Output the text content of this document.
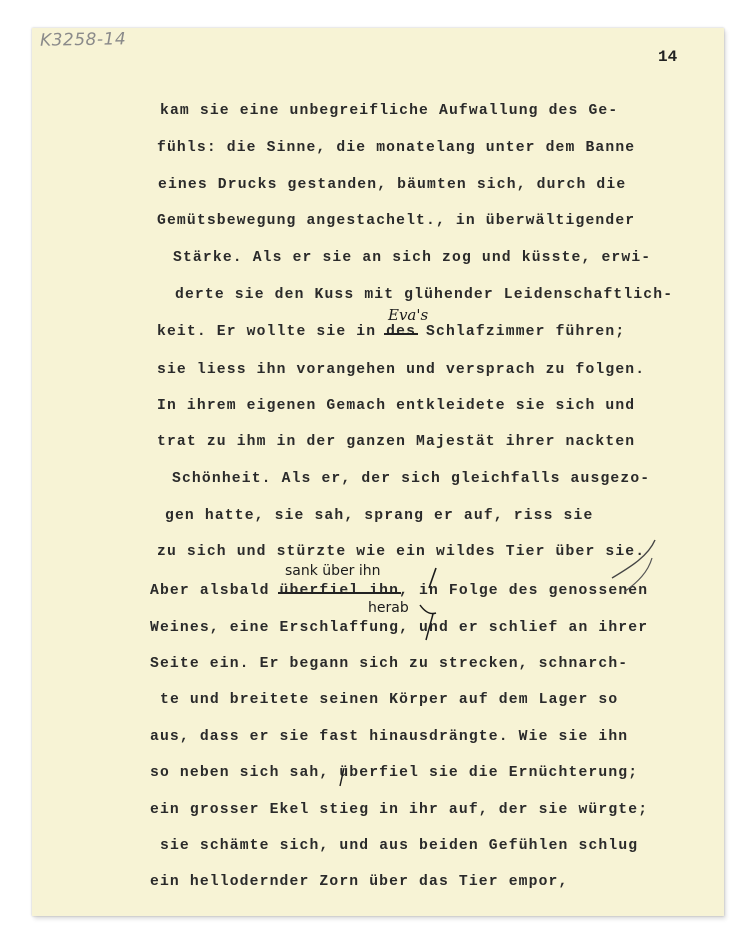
K3258-14
14
kam sie eine unbegreifliche Aufwallung des Ge-
fühls: die Sinne, die monatelang unter dem Banne
eines Drucks gestanden, bäumten sich, durch die
Gemütsbewegung angestachelt., in überwältigender
Stärke. Als er sie an sich zog und küsste, erwi-
derte sie den Kuss mit glühender Leidenschaftlich-
keit. Er wollte sie in des Schlafzimmer führen;
Eva's
sie liess ihn vorangehen und versprach zu folgen.
In ihrem eigenen Gemach entkleidete sie sich und
trat zu ihm in der ganzen Majestät ihrer nackten
Schönheit. Als er, der sich gleichfalls ausgezo-
gen hatte, sie sah, sprang er auf, riss sie
zu sich und stürzte wie ein wildes Tier über sie.
sank über ihn
Aber alsbald überfiel ihn, in Folge des genossenen
herab
Weines, eine Erschlaffung, und er schlief an ihrer
Seite ein. Er begann sich zu strecken, schnarch-
te und breitete seinen Körper auf dem Lager so
aus, dass er sie fast hinausdrängte. Wie sie ihn
so neben sich sah, überfiel sie die Ernüchterung;
ein grosser Ekel stieg in ihr auf, der sie würgte;
sie schämte sich, und aus beiden Gefühlen schlug
ein hellodernder Zorn über das Tier empor,
